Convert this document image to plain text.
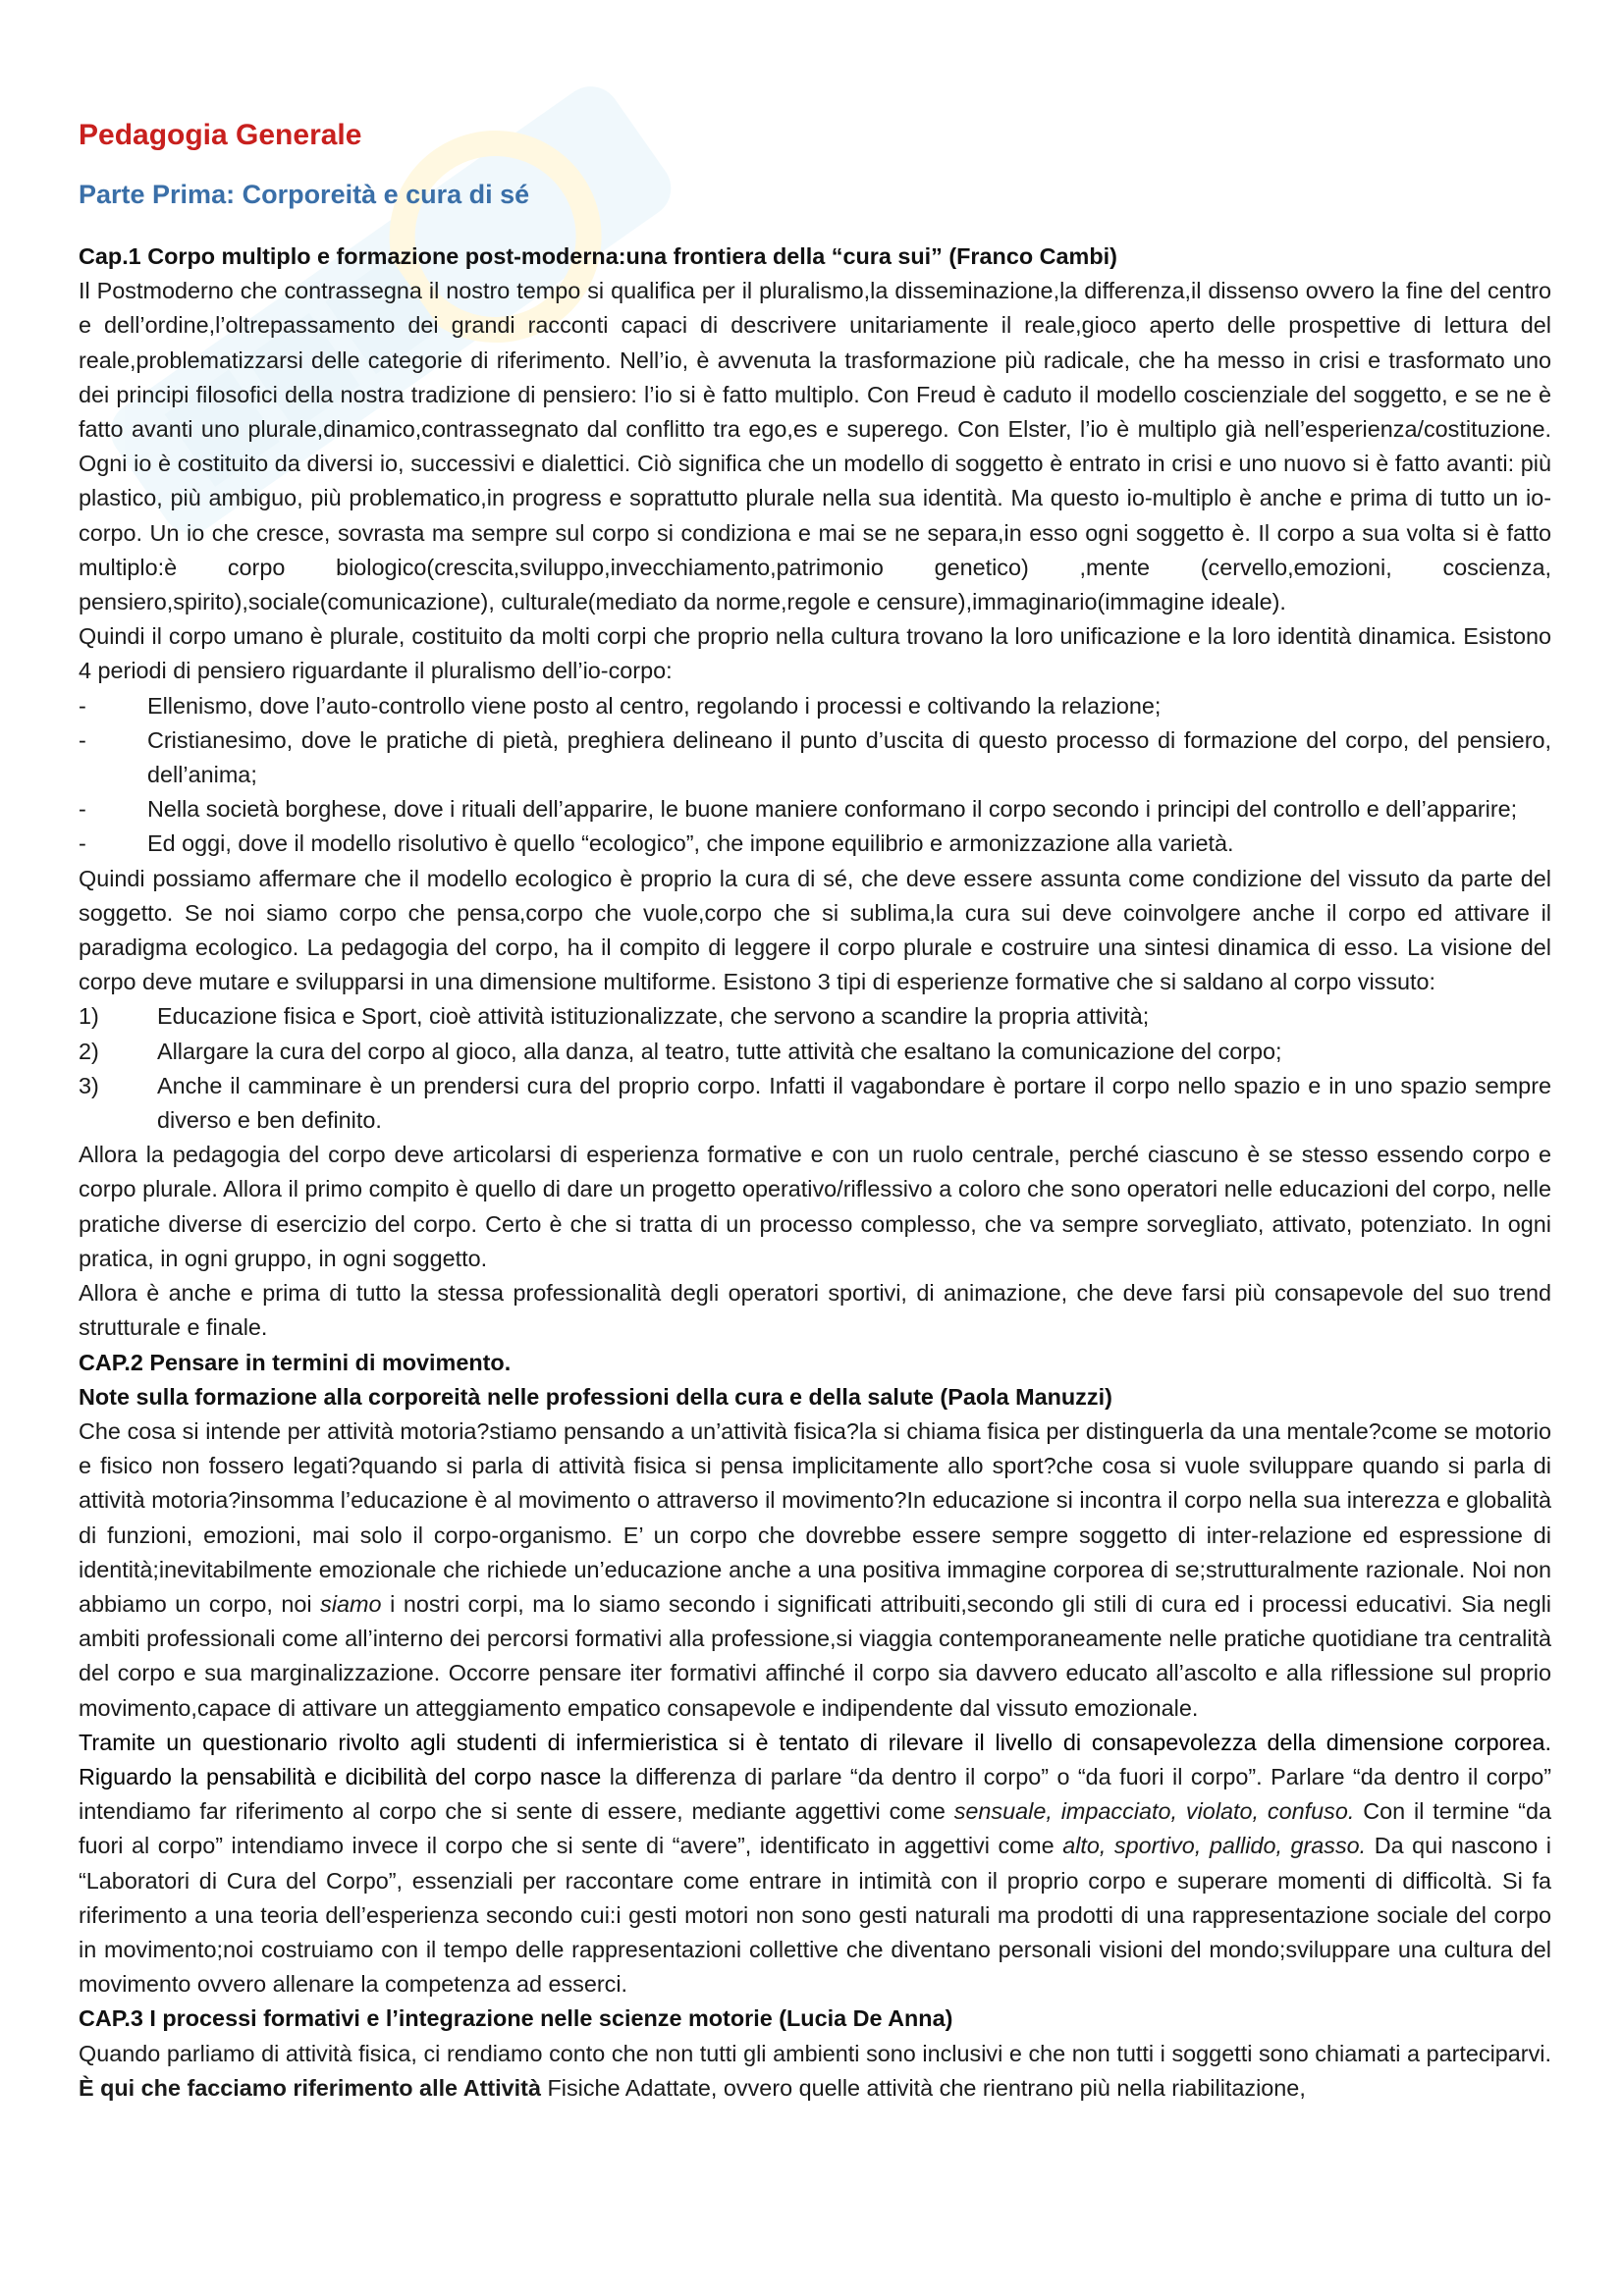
Pedagogia Generale
Parte Prima: Corporeità e cura di sé
Cap.1 Corpo multiplo e formazione post-moderna:una frontiera della “cura sui” (Franco Cambi)

Il Postmoderno che contrassegna il nostro tempo si qualifica per il pluralismo,la disseminazione,la differenza,il dissenso ovvero la fine del centro e dell’ordine,l’oltrepassamento dei grandi racconti capaci di descrivere unitariamente il reale,gioco aperto delle prospettive di lettura del reale,problematizzarsi delle categorie di riferimento. Nell’io, è avvenuta la trasformazione più radicale, che ha messo in crisi e trasformato uno dei principi filosofici della nostra tradizione di pensiero: l’io si è fatto multiplo. Con Freud è caduto il modello coscienziale del soggetto, e se ne è fatto avanti uno plurale,dinamico,contrassegnato dal conflitto tra ego,es e superego. Con Elster, l’io è multiplo già nell’esperienza/costituzione. Ogni io è costituito da diversi io, successivi e dialettici. Ciò significa che un modello di soggetto è entrato in crisi e uno nuovo si è fatto avanti: più plastico, più ambiguo, più problematico,in progress e soprattutto plurale nella sua identità. Ma questo io-multiplo è anche e prima di tutto un io-corpo. Un io che cresce, sovrasta ma sempre sul corpo si condiziona e mai se ne separa,in esso ogni soggetto è. Il corpo a sua volta si è fatto multiplo:è corpo biologico(crescita,sviluppo,invecchiamento,patrimonio genetico) ,mente (cervello,emozioni, coscienza, pensiero,spirito),sociale(comunicazione), culturale(mediato da norme,regole e censure),immaginario(immagine ideale).

Quindi il corpo umano è plurale, costituito da molti corpi che proprio nella cultura trovano la loro unificazione e la loro identità dinamica. Esistono 4 periodi di pensiero riguardante il pluralismo dell’io-corpo:

-	Ellenismo, dove l’auto-controllo viene posto al centro, regolando i processi e coltivando la relazione;
-	Cristianesimo, dove le pratiche di pietà, preghiera delineano il punto d’uscita di questo processo di formazione del corpo, del pensiero, dell’anima;
-	Nella società borghese, dove i rituali dell’apparire, le buone maniere conformano il corpo secondo i principi del controllo e dell’apparire;
-	Ed oggi, dove il modello risolutivo è quello “ecologico”, che impone equilibrio e armonizzazione alla varietà.

Quindi possiamo affermare che il modello ecologico è proprio la cura di sé, che deve essere assunta come condizione del vissuto da parte del soggetto. Se noi siamo corpo che pensa,corpo che vuole,corpo che si sublima,la cura sui deve coinvolgere anche il corpo ed attivare il paradigma ecologico. La pedagogia del corpo, ha il compito di leggere il corpo plurale e costruire una sintesi dinamica di esso. La visione del corpo deve mutare e svilupparsi in una dimensione multiforme. Esistono 3 tipi di esperienze formative che si saldano al corpo vissuto:

1)	Educazione fisica e Sport, cioè attività istituzionalizzate, che servono a scandire la propria attività;
2)	Allargare la cura del corpo al gioco, alla danza, al teatro, tutte attività che esaltano la comunicazione del corpo;
3)	Anche il camminare è un prendersi cura del proprio corpo. Infatti il vagabondare è portare il corpo nello spazio e in uno spazio sempre diverso e ben definito.

Allora la pedagogia del corpo deve articolarsi di esperienza formative e con un ruolo centrale, perché ciascuno è se stesso essendo corpo e corpo plurale. Allora il primo compito è quello di dare un progetto operativo/riflessivo a coloro che sono operatori nelle educazioni del corpo, nelle pratiche diverse di esercizio del corpo. Certo è che si tratta di un processo complesso, che va sempre sorvegliato, attivato, potenziato. In ogni pratica, in ogni gruppo, in ogni soggetto.

Allora è anche e prima di tutto la stessa professionalità degli operatori sportivi, di animazione, che deve farsi più consapevole del suo trend strutturale e finale.

CAP.2 Pensare in termini di movimento.
Note sulla formazione alla corporeità nelle professioni della cura e della salute (Paola Manuzzi)

Che cosa si intende per attività motoria?stiamo pensando a un’attività fisica?la si chiama fisica per distinguerla da una mentale?come se motorio e fisico non fossero legati?quando si parla di attività fisica si pensa implicitamente allo sport?che cosa si vuole sviluppare quando si parla di attività motoria?insomma l’educazione è al movimento o attraverso il movimento?In educazione si incontra il corpo nella sua interezza e globalità di funzioni, emozioni, mai solo il corpo-organismo. E’ un corpo che dovrebbe essere sempre soggetto di inter-relazione ed espressione di identità;inevitabilmente emozionale che richiede un’educazione anche a una positiva immagine corporea di se;strutturalmente razionale. Noi non abbiamo un corpo, noi siamo i nostri corpi, ma lo siamo secondo i significati attribuiti,secondo gli stili di cura ed i processi educativi. Sia negli ambiti professionali come all’interno dei percorsi formativi alla professione,si viaggia contemporaneamente nelle pratiche quotidiane tra centralità del corpo e sua marginalizzazione. Occorre pensare iter formativi affinché il corpo sia davvero educato all’ascolto e alla riflessione sul proprio movimento,capace di attivare un atteggiamento empatico consapevole e indipendente dal vissuto emozionale.

Tramite un questionario rivolto agli studenti di infermieristica si è tentato di rilevare il livello di consapevolezza della dimensione corporea. Riguardo la pensabilità e dicibilità del corpo nasce la differenza di parlare “da dentro il corpo” o “da fuori il corpo”. Parlare “da dentro il corpo” intendiamo far riferimento al corpo che si sente di essere, mediante aggettivi come sensuale, impacciato, violato, confuso. Con il termine “da fuori al corpo” intendiamo invece il corpo che si sente di “avere”, identificato in aggettivi come alto, sportivo, pallido, grasso. Da qui nascono i “Laboratori di Cura del Corpo”, essenziali per raccontare come entrare in intimità con il proprio corpo e superare momenti di difficoltà. Si fa riferimento a una teoria dell’esperienza secondo cui:i gesti motori non sono gesti naturali ma prodotti di una rappresentazione sociale del corpo in movimento;noi costruiamo con il tempo delle rappresentazioni collettive che diventano personali visioni del mondo;sviluppare una cultura del movimento ovvero allenare la competenza ad esserci.

CAP.3 I processi formativi e l’integrazione nelle scienze motorie (Lucia De Anna)

Quando parliamo di attività fisica, ci rendiamo conto che non tutti gli ambienti sono inclusivi e che non tutti i soggetti sono chiamati a parteciparvi. È qui che facciamo riferimento alle Attività Fisiche Adattate, ovvero quelle attività che rientrano più nella riabilitazione,
